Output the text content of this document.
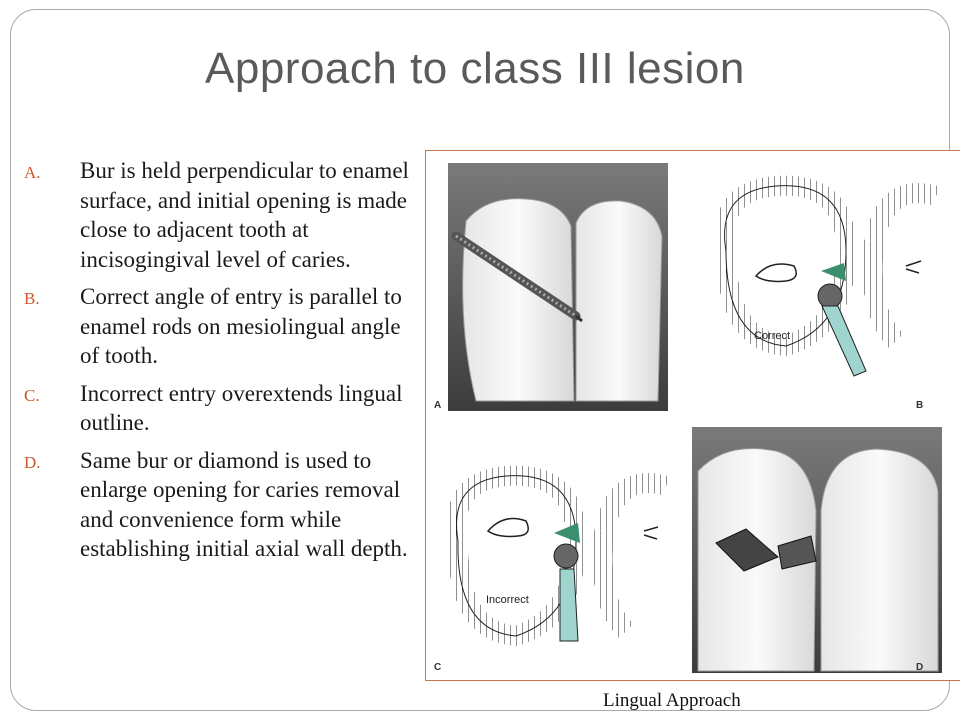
Approach to class III lesion
A. Bur is held perpendicular to enamel surface, and initial opening is made close to adjacent tooth at incisogingival level of caries.
B. Correct angle of entry is parallel to enamel rods on mesiolingual angle of tooth.
C. Incorrect entry overextends lingual outline.
D. Same bur or diamond is used to enlarge opening for caries removal and convenience form while establishing initial axial wall depth.
Correct
Incorrect
A	B
C	D
Lingual Approach
